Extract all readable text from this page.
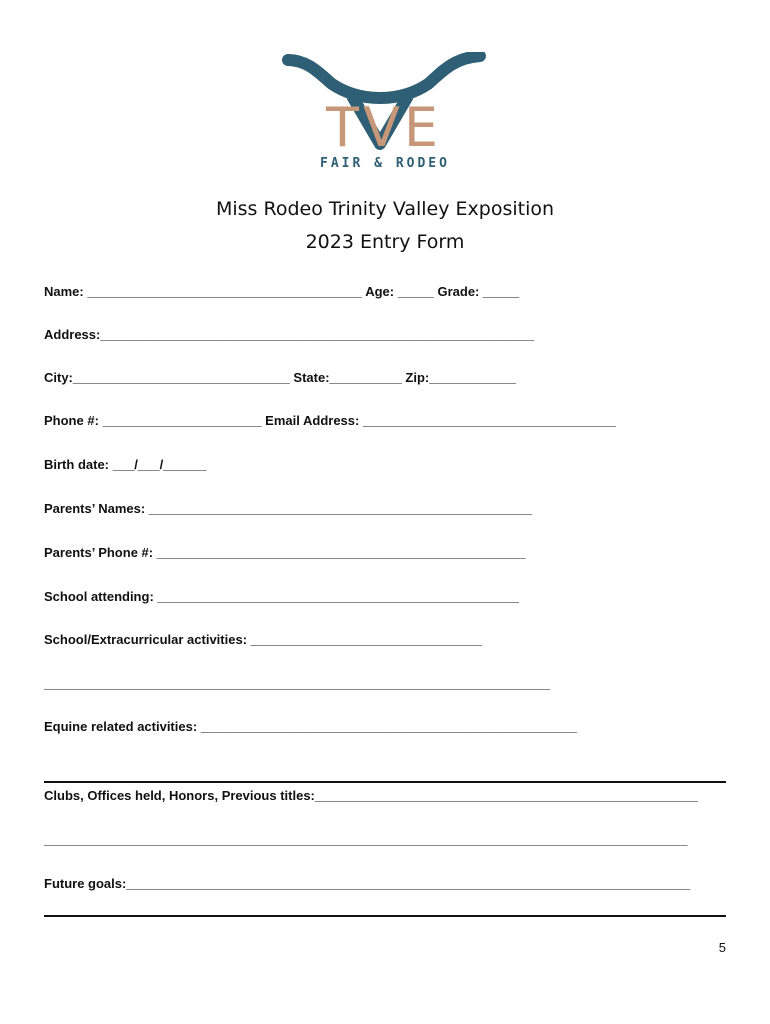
TVE
FAIR & RODEO
Miss Rodeo Trinity Valley Exposition
2023 Entry Form
Name: ______________________________________ Age: _____ Grade: _____
Address:____________________________________________________________
City:______________________________ State:__________ Zip:____________
Phone #: ______________________ Email Address: ___________________________________
Birth date: ___/___/______
Parents’ Names: _____________________________________________________
Parents’ Phone #: ___________________________________________________
School attending: __________________________________________________
School/Extracurricular activities: ________________________________
______________________________________________________________________
Equine related activities: ____________________________________________________
Clubs, Offices held, Honors, Previous titles:_____________________________________________________
_________________________________________________________________________________________
Future goals:______________________________________________________________________________
5
